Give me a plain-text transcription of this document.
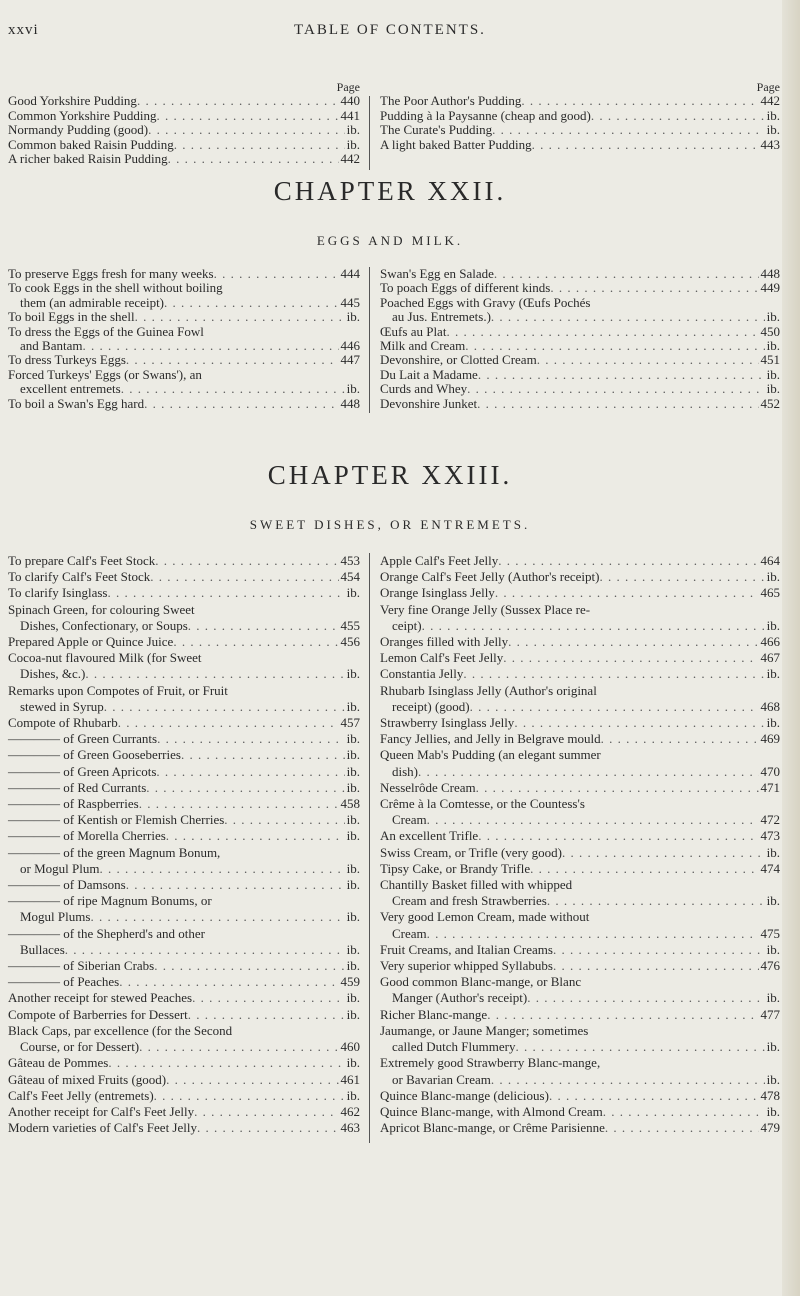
xxvi	TABLE OF CONTENTS.
Page
Good Yorkshire Pudding . . .	440
Common Yorkshire Pudding . . .	441
Normandy Pudding (good) . . .	ib.
Common baked Raisin Pudding . . .	ib.
A richer baked Raisin Pudding . . .	442
Page
The Poor Author's Pudding . . .	442
Pudding à la Paysanne (cheap and good) . . .	ib.
The Curate's Pudding . . .	ib.
A light baked Batter Pudding . . .	443
CHAPTER XXII.
EGGS AND MILK.
To preserve Eggs fresh for many weeks . . .	444
To cook Eggs in the shell without boiling
them (an admirable receipt) . . .	445
To boil Eggs in the shell . . .	ib.
To dress the Eggs of the Guinea Fowl
and Bantam . . .	446
To dress Turkeys Eggs . . .	447
Forced Turkeys' Eggs (or Swans'), an
excellent entremets . . .	ib.
To boil a Swan's Egg hard . . .	448
Swan's Egg en Salade . . .	448
To poach Eggs of different kinds . . .	449
Poached Eggs with Gravy (Œufs Pochés
au Jus. Entremets.) . . .	ib.
Œufs au Plat . . .	450
Milk and Cream . . .	ib.
Devonshire, or Clotted Cream . . .	451
Du Lait a Madame . . .	ib.
Curds and Whey . . .	ib.
Devonshire Junket . . .	452
CHAPTER XXIII.
SWEET DISHES, OR ENTREMETS.
To prepare Calf's Feet Stock . . .	453
To clarify Calf's Feet Stock . . .	454
To clarify Isinglass . . .	ib.
Spinach Green, for colouring Sweet
Dishes, Confectionary, or Soups . . .	455
Prepared Apple or Quince Juice . . .	456
Cocoa-nut flavoured Milk (for Sweet
Dishes, &c.) . . .	ib.
Remarks upon Compotes of Fruit, or Fruit
stewed in Syrup . . .	ib.
Compote of Rhubarb . . .	457
———— of Green Currants . . .	ib.
———— of Green Gooseberries . . .	ib.
———— of Green Apricots . . .	ib.
———— of Red Currants . . .	ib.
———— of Raspberries . . .	458
———— of Kentish or Flemish Cherries . . .	ib.
———— of Morella Cherries . . .	ib.
———— of the green Magnum Bonum,
or Mogul Plum . . .	ib.
———— of Damsons . . .	ib.
———— of ripe Magnum Bonums, or
Mogul Plums . . .	ib.
———— of the Shepherd's and other
Bullaces . . .	ib.
———— of Siberian Crabs . . .	ib.
———— of Peaches . . .	459
Another receipt for stewed Peaches . . .	ib.
Compote of Barberries for Dessert . . .	ib.
Black Caps, par excellence (for the Second
Course, or for Dessert) . . .	460
Gâteau de Pommes . . .	ib.
Gâteau of mixed Fruits (good) . . .	461
Calf's Feet Jelly (entremets) . . .	ib.
Another receipt for Calf's Feet Jelly . . .	462
Modern varieties of Calf's Feet Jelly . . .	463
Apple Calf's Feet Jelly . . .	464
Orange Calf's Feet Jelly (Author's receipt) . . .	ib.
Orange Isinglass Jelly . . .	465
Very fine Orange Jelly (Sussex Place re-
ceipt) . . .	ib.
Oranges filled with Jelly . . .	466
Lemon Calf's Feet Jelly . . .	467
Constantia Jelly . . .	ib.
Rhubarb Isinglass Jelly (Author's original
receipt) (good) . . .	468
Strawberry Isinglass Jelly . . .	ib.
Fancy Jellies, and Jelly in Belgrave mould . . .	469
Queen Mab's Pudding (an elegant summer
dish) . . .	470
Nesselrôde Cream . . .	471
Crême à la Comtesse, or the Countess's
Cream . . .	472
An excellent Trifle . . .	473
Swiss Cream, or Trifle (very good) . . .	ib.
Tipsy Cake, or Brandy Trifle . . .	474
Chantilly Basket filled with whipped
Cream and fresh Strawberries . . .	ib.
Very good Lemon Cream, made without
Cream . . .	475
Fruit Creams, and Italian Creams . . .	ib.
Very superior whipped Syllabubs . . .	476
Good common Blanc-mange, or Blanc
Manger (Author's receipt) . . .	ib.
Richer Blanc-mange . . .	477
Jaumange, or Jaune Manger; sometimes
called Dutch Flummery . . .	ib.
Extremely good Strawberry Blanc-mange,
or Bavarian Cream . . .	ib.
Quince Blanc-mange (delicious) . . .	478
Quince Blanc-mange, with Almond Cream . . .	ib.
Apricot Blanc-mange, or Crême Parisienne . . .	479
